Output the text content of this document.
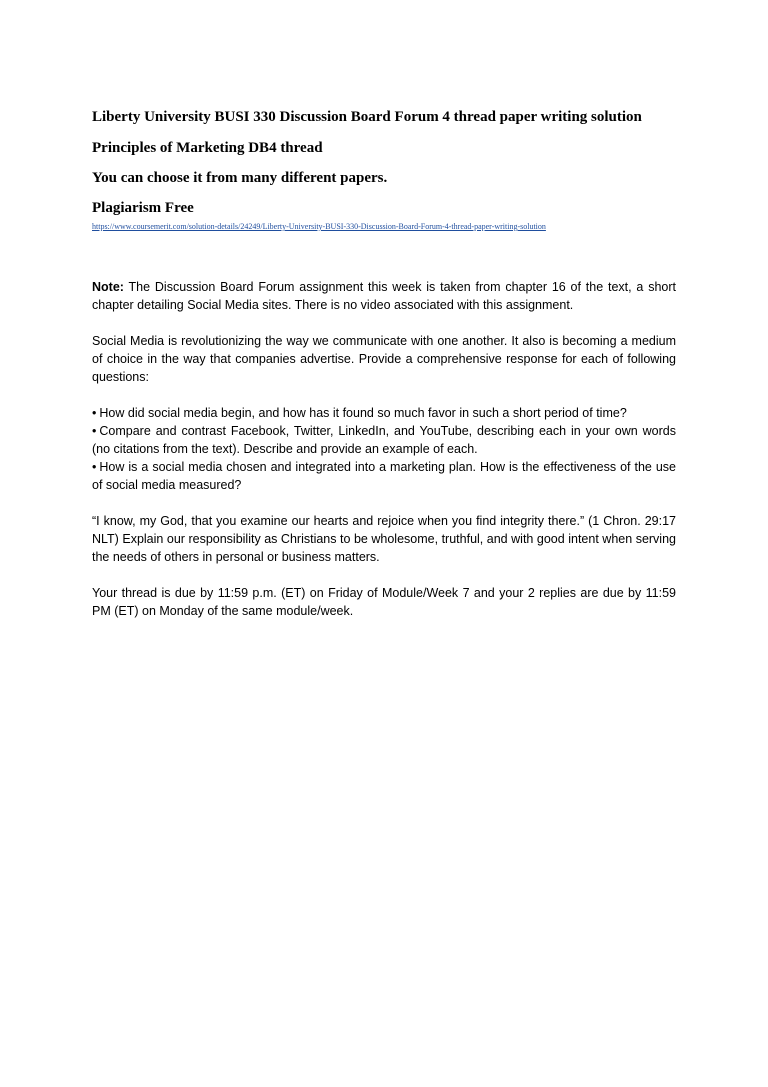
Liberty University BUSI 330 Discussion Board Forum 4 thread paper writing solution
Principles of Marketing DB4 thread
You can choose it from many different papers.
Plagiarism Free
https://www.coursemerit.com/solution-details/24249/Liberty-University-BUSI-330-Discussion-Board-Forum-4-thread-paper-writing-solution

Note: The Discussion Board Forum assignment this week is taken from chapter 16 of the text, a short chapter detailing Social Media sites. There is no video associated with this assignment.

Social Media is revolutionizing the way we communicate with one another. It also is becoming a medium of choice in the way that companies advertise. Provide a comprehensive response for each of following questions:

• How did social media begin, and how has it found so much favor in such a short period of time?
• Compare and contrast Facebook, Twitter, LinkedIn, and YouTube, describing each in your own words (no citations from the text). Describe and provide an example of each.
• How is a social media chosen and integrated into a marketing plan. How is the effectiveness of the use of social media measured?

“I know, my God, that you examine our hearts and rejoice when you find integrity there.” (1 Chron. 29:17 NLT) Explain our responsibility as Christians to be wholesome, truthful, and with good intent when serving the needs of others in personal or business matters.

Your thread is due by 11:59 p.m. (ET) on Friday of Module/Week 7 and your 2 replies are due by 11:59 PM (ET) on Monday of the same module/week.
